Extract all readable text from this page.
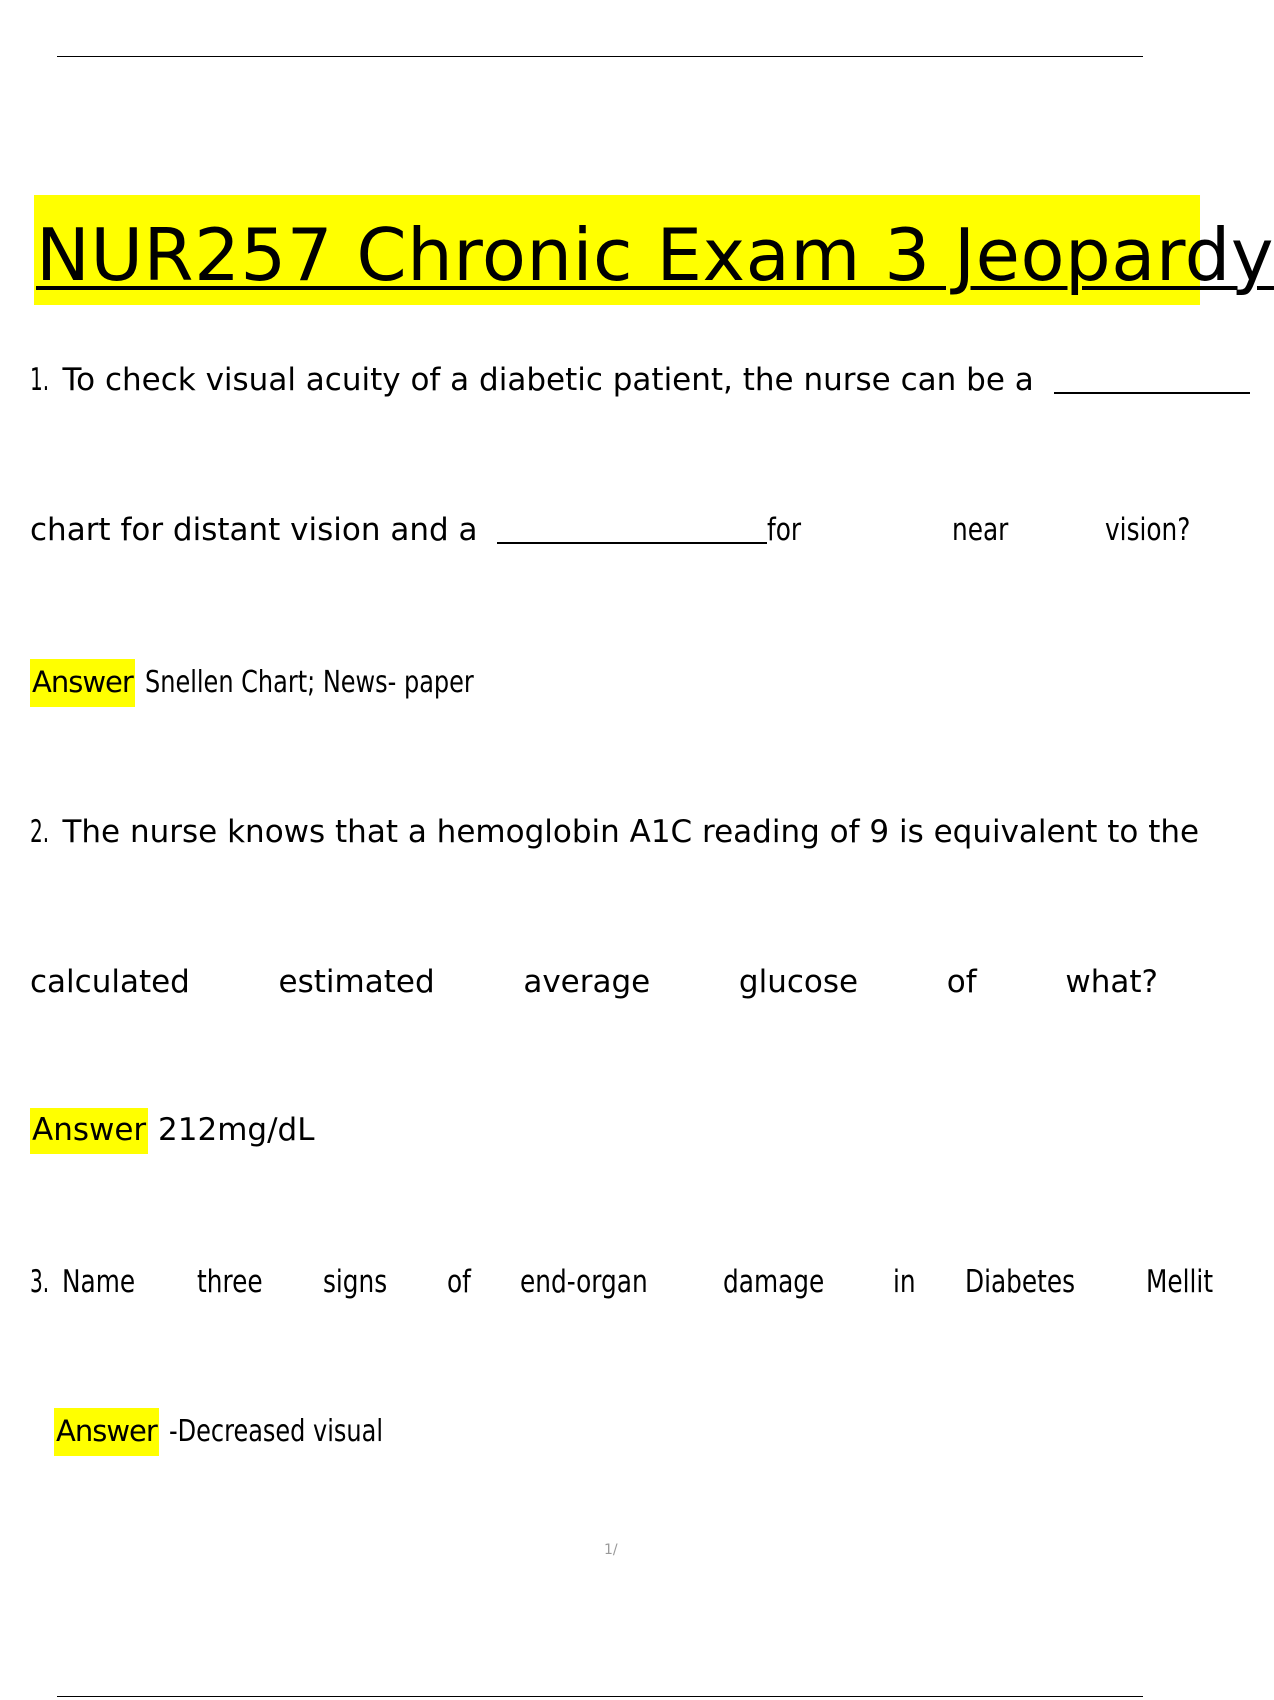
NUR257 Chronic Exam 3 Jeopardy
1. To check visual acuity of a diabetic patient, the nurse can be a
chart for distant vision and a	for	near	vision?
Answer Snellen Chart; News- paper
2. The nurse knows that a hemoglobin A1C reading of 9 is equivalent to the
calculated	estimated	average	glucose	of	what?
Answer 212mg/dL
3. Name	three signs of end-organ damage in Diabetes Mellit
Answer -Decreased visual
1/
